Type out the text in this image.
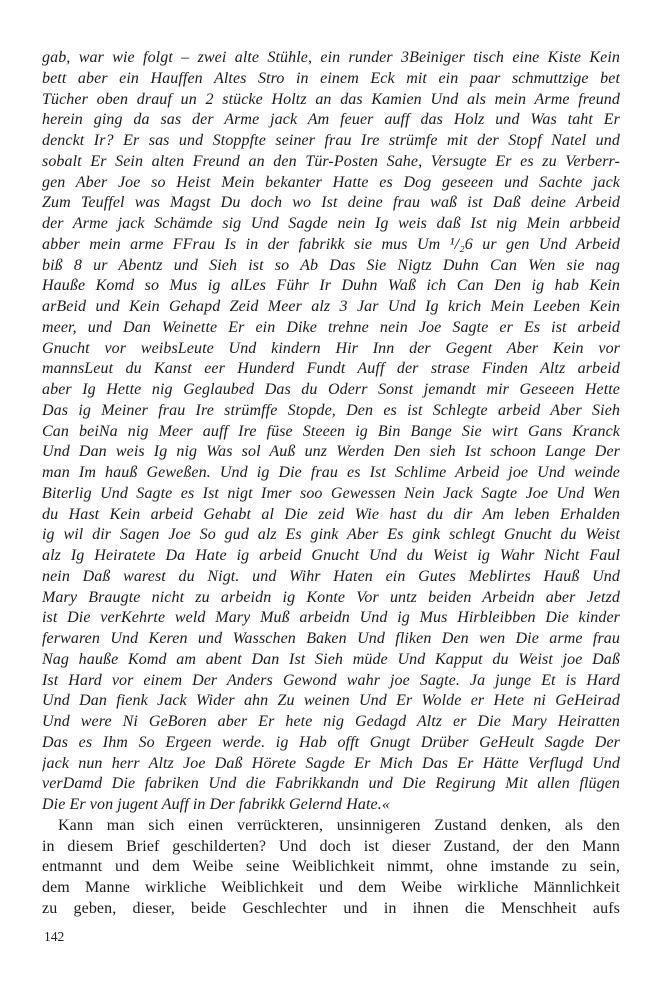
gab, war wie folgt – zwei alte Stühle, ein runder 3Beiniger tisch eine Kiste Kein
bett aber ein Hauffen Altes Stro in einem Eck mit ein paar schmuttzige bet
Tücher oben drauf un 2 stücke Holtz an das Kamien Und als mein Arme freund
herein ging da sas der Arme jack Am feuer auff das Holz und Was taht Er
denckt Ir? Er sas und Stoppfte seiner frau Ire strümfe mit der Stopf Natel und
sobalt Er Sein alten Freund an den Tür-Posten Sahe, Versugte Er es zu Verberr-
gen Aber Joe so Heist Mein bekanter Hatte es Dog geseeen und Sachte jack
Zum Teuffel was Magst Du doch wo Ist deine frau waß ist Daß deine Arbeid
der Arme jack Schämde sig Und Sagde nein Ig weis daß Ist nig Mein arbbeid
abber mein arme FFrau Is in der fabrikk sie mus Um ¹/₂6 ur gen Und Arbeid
biß 8 ur Abentz und Sieh ist so Ab Das Sie Nigtz Duhn Can Wen sie nag
Hauße Komd so Mus ig alLes Führ Ir Duhn Waß ich Can Den ig hab Kein
arBeid und Kein Gehapd Zeid Meer alz 3 Jar Und Ig krich Mein Leeben Kein
meer, und Dan Weinette Er ein Dike trehne nein Joe Sagte er Es ist arbeid
Gnucht vor weibsLeute Und kindern Hir Inn der Gegent Aber Kein vor
mannsLeut du Kanst eer Hunderd Fundt Auff der strase Finden Altz arbeid
aber Ig Hette nig Geglaubed Das du Oderr Sonst jemandt mir Geseeen Hette
Das ig Meiner frau Ire strümffe Stopde, Den es ist Schlegte arbeid Aber Sieh
Can beiNa nig Meer auff Ire füse Steeen ig Bin Bange Sie wirt Gans Kranck
Und Dan weis Ig nig Was sol Auß unz Werden Den sieh Ist schoon Lange Der
man Im hauß Geweßen. Und ig Die frau es Ist Schlime Arbeid joe Und weinde
Biterlig Und Sagte es Ist nigt Imer soo Gewessen Nein Jack Sagte Joe Und Wen
du Hast Kein arbeid Gehabt al Die zeid Wie hast du dir Am leben Erhalden
ig wil dir Sagen Joe So gud alz Es gink Aber Es gink schlegt Gnucht du Weist
alz Ig Heiratete Da Hate ig arbeid Gnucht Und du Weist ig Wahr Nicht Faul
nein Daß warest du Nigt. und Wihr Haten ein Gutes Meblirtes Hauß Und
Mary Braugte nicht zu arbeidn ig Konte Vor untz beiden Arbeidn aber Jetzd
ist Die verKehrte weld Mary Muß arbeidn Und ig Mus Hirbleibben Die kinder
ferwaren Und Keren und Wasschen Baken Und fliken Den wen Die arme frau
Nag hauße Komd am abent Dan Ist Sieh müde Und Kapput du Weist joe Daß
Ist Hard vor einem Der Anders Gewond wahr joe Sagte. Ja junge Et is Hard
Und Dan fienk Jack Wider ahn Zu weinen Und Er Wolde er Hete ni GeHeirad
Und were Ni GeBoren aber Er hete nig Gedagd Altz er Die Mary Heiratten
Das es Ihm So Ergeen werde. ig Hab offt Gnugt Drüber GeHeult Sagde Der
jack nun herr Altz Joe Daß Hörete Sagde Er Mich Das Er Hätte Verflugd Und
verDamd Die fabriken Und die Fabrikkandn und Die Regirung Mit allen flügen
Die Er von jugent Auff in Der fabrikk Gelernd Hate.«
Kann man sich einen verrückteren, unsinnigeren Zustand denken, als den
in diesem Brief geschilderten? Und doch ist dieser Zustand, der den Mann
entmannt und dem Weibe seine Weiblichkeit nimmt, ohne imstande zu sein,
dem Manne wirkliche Weiblichkeit und dem Weibe wirkliche Männlichkeit
zu geben, dieser, beide Geschlechter und in ihnen die Menschheit aufs
142
